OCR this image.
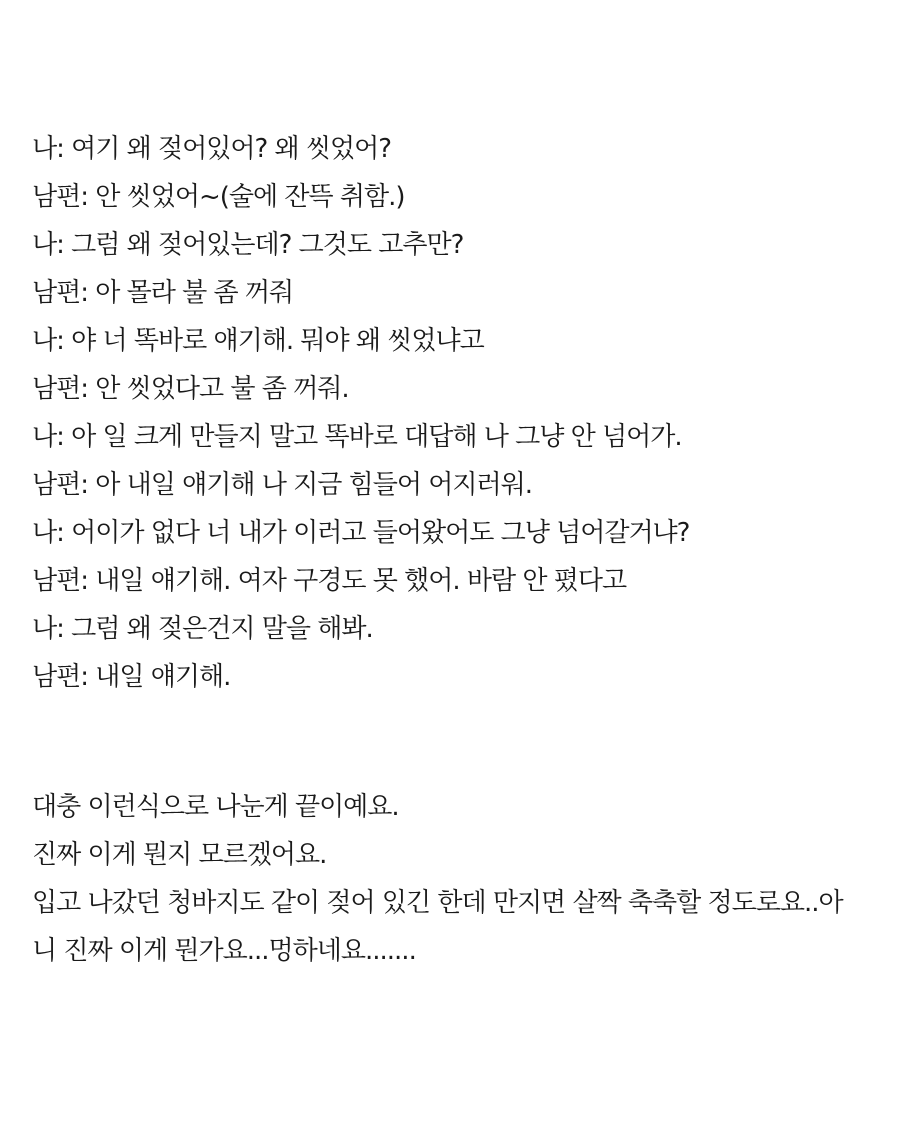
나: 여기 왜 젖어있어? 왜 씻었어?

남편: 안 씻었어~(술에 잔뜩 취함.)

나: 그럼 왜 젖어있는데? 그것도 고추만?

남편: 아 몰라 불 좀 꺼줘

나: 야 너 똑바로 얘기해. 뭐야 왜 씻었냐고

남편: 안 씻었다고 불 좀 꺼줘.

나: 아 일 크게 만들지 말고 똑바로 대답해 나 그냥 안 넘어가.

남편: 아 내일 얘기해 나 지금 힘들어 어지러워.

나: 어이가 없다 너 내가 이러고 들어왔어도 그냥 넘어갈거냐?

남편: 내일 얘기해. 여자 구경도 못 했어. 바람 안 폈다고

나: 그럼 왜 젖은건지 말을 해봐.

남편: 내일 얘기해.

대충 이런식으로 나눈게 끝이예요.

진짜 이게 뭔지 모르겠어요.

입고 나갔던 청바지도 같이 젖어 있긴 한데 만지면 살짝 축축할 정도로요..아

니 진짜 이게 뭔가요...멍하네요.......
